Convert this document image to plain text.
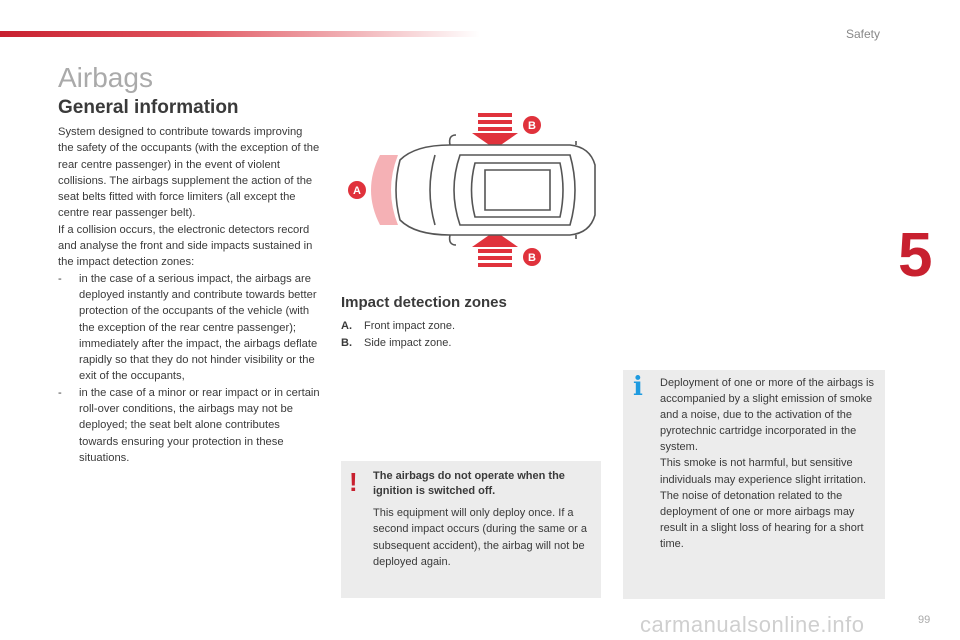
Safety
5
Airbags
General information

System designed to contribute towards improving the safety of the occupants (with the exception of the rear centre passenger) in the event of violent collisions. The airbags supplement the action of the seat belts fitted with force limiters (all except the centre rear passenger belt).

If a collision occurs, the electronic detectors record and analyse the front and side impacts sustained in the impact detection zones:

- in the case of a serious impact, the airbags are deployed instantly and contribute towards better protection of the occupants of the vehicle (with the exception of the rear centre passenger); immediately after the impact, the airbags deflate rapidly so that they do not hinder visibility or the exit of the occupants,

- in the case of a minor or rear impact or in certain roll-over conditions, the airbags may not be deployed; the seat belt alone contributes towards ensuring your protection in these situations.

A
B
B
Impact detection zones
A.	Front impact zone.
B.	Side impact zone.
! The airbags do not operate when the ignition is switched off.
This equipment will only deploy once. If a second impact occurs (during the same or a subsequent accident), the airbag will not be deployed again.
i Deployment of one or more of the airbags is accompanied by a slight emission of smoke and a noise, due to the activation of the pyrotechnic cartridge incorporated in the system.
This smoke is not harmful, but sensitive individuals may experience slight irritation.
The noise of detonation related to the deployment of one or more airbags may result in a slight loss of hearing for a short time.
carmanualsonline.info	99
